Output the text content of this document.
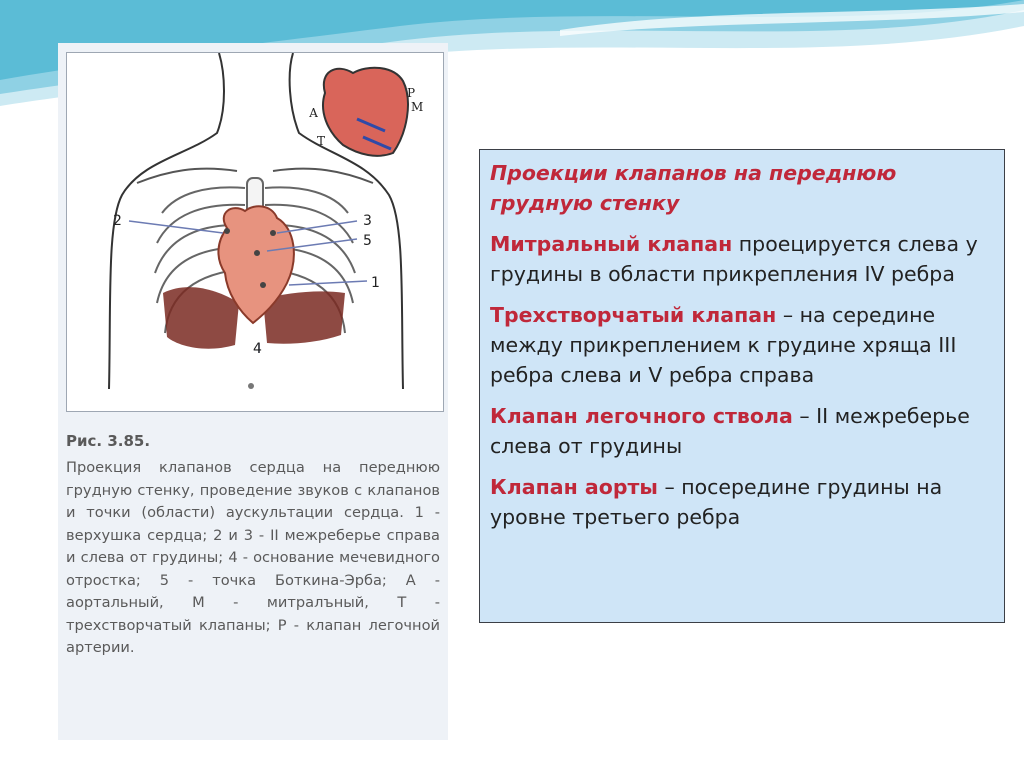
2	3
5
1
4
А
Т
Р
М
Рис. 3.85.
Проекция клапанов сердца на переднюю грудную стенку, проведение звуков с клапанов и точки (области) аускультации сердца. 1 - верхушка сердца; 2 и 3 - II межреберье справа и слева от грудины; 4 - основание мечевидного отростка; 5 - точка Боткина-Эрба; А - аортальный, М - митралъный, Т - трехстворчатый клапаны; Р - клапан легочной артерии.

Проекции клапанов на переднюю грудную стенку

Митральный клапан проецируется слева у грудины в области прикрепления IV ребра

Трехстворчатый клапан – на середине между прикреплением к грудине хряща III ребра слева и V ребра справа

Клапан легочного ствола – II межреберье слева от грудины

Клапан аорты – посередине грудины на уровне третьего ребра
